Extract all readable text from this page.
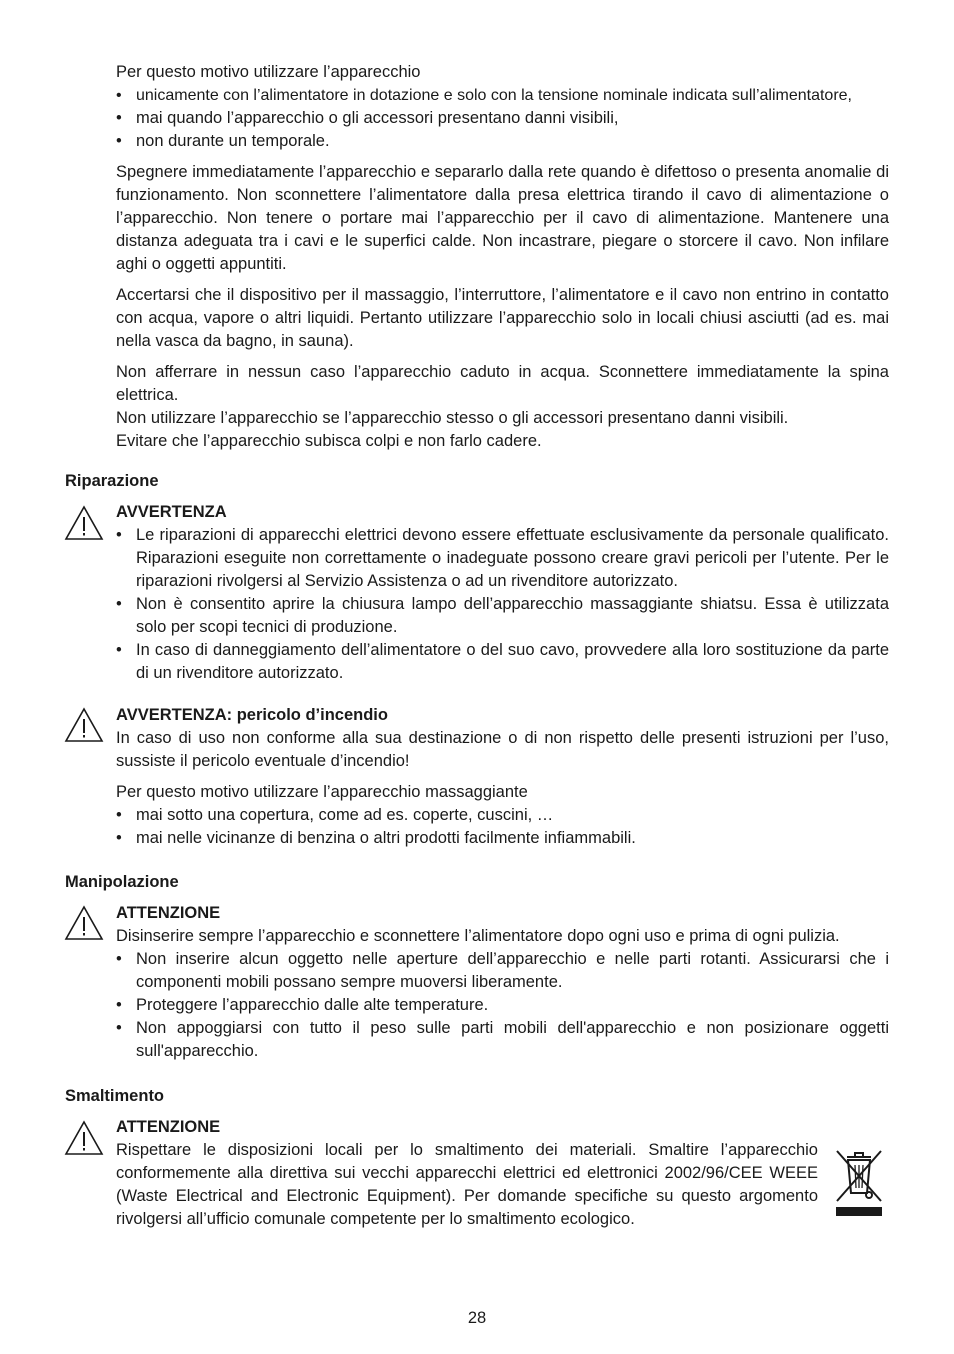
Per questo motivo utilizzare l’apparecchio

• unicamente con l’alimentatore in dotazione e solo con la tensione nominale indicata sull’alimentatore,
• mai quando l’apparecchio o gli accessori presentano danni visibili,
• non durante un temporale.

Spegnere immediatamente l’apparecchio e separarlo dalla rete quando è difettoso o presenta anomalie di funzionamento. Non sconnettere l’alimentatore dalla presa elettrica tirando il cavo di alimentazione o l’apparecchio. Non tenere o portare mai l’apparecchio per il cavo di alimentazione. Mantenere una distanza adeguata tra i cavi e le superfici calde. Non incastrare, piegare o storcere il cavo. Non infilare aghi o oggetti appuntiti.

Accertarsi che il dispositivo per il massaggio, l’interruttore, l’alimentatore e il cavo non entrino in contatto con acqua, vapore o altri liquidi. Pertanto utilizzare l’apparecchio solo in locali chiusi asciutti (ad es. mai nella vasca da bagno, in sauna).

Non afferrare in nessun caso l’apparecchio caduto in acqua. Sconnettere immediatamente la spina elettrica.

Non utilizzare l’apparecchio se l’apparecchio stesso o gli accessori presentano danni visibili.

Evitare che l’apparecchio subisca colpi e non farlo cadere.

Riparazione
AVVERTENZA
• Le riparazioni di apparecchi elettrici devono essere effettuate esclusivamente da personale qualificato. Riparazioni eseguite non correttamente o inadeguate possono creare gravi pericoli per l’utente. Per le riparazioni rivolgersi al Servizio Assistenza o ad un rivenditore autorizzato.
• Non è consentito aprire la chiusura lampo dell’apparecchio massaggiante shiatsu. Essa è utilizzata solo per scopi tecnici di produzione.
• In caso di danneggiamento dell’alimentatore o del suo cavo, provvedere alla loro sostituzione da parte di un rivenditore autorizzato.
AVVERTENZA: pericolo d’incendio

In caso di uso non conforme alla sua destinazione o di non rispetto delle presenti istruzioni per l’uso, sussiste il pericolo eventuale d’incendio!

Per questo motivo utilizzare l’apparecchio massaggiante

• mai sotto una copertura, come ad es. coperte, cuscini, …
• mai nelle vicinanze di benzina o altri prodotti facilmente infiammabili.
Manipolazione
ATTENZIONE

Disinserire sempre l’apparecchio e sconnettere l’alimentatore dopo ogni uso e prima di ogni pulizia.

• Non inserire alcun oggetto nelle aperture dell’apparecchio e nelle parti rotanti. Assicurarsi che i componenti mobili possano sempre muoversi liberamente.
• Proteggere l’apparecchio dalle alte temperature.
• Non appoggiarsi con tutto il peso sulle parti mobili dell'apparecchio e non posizionare oggetti sull'apparecchio.
Smaltimento
ATTENZIONE

Rispettare le disposizioni locali per lo smaltimento dei materiali. Smaltire l’apparecchio conformemente alla direttiva sui vecchi apparecchi elettrici ed elettronici 2002/96/CEE WEEE (Waste Electrical and Electronic Equipment). Per domande specifiche su questo argomento rivolgersi all’ufficio comunale competente per lo smaltimento ecologico.

28
